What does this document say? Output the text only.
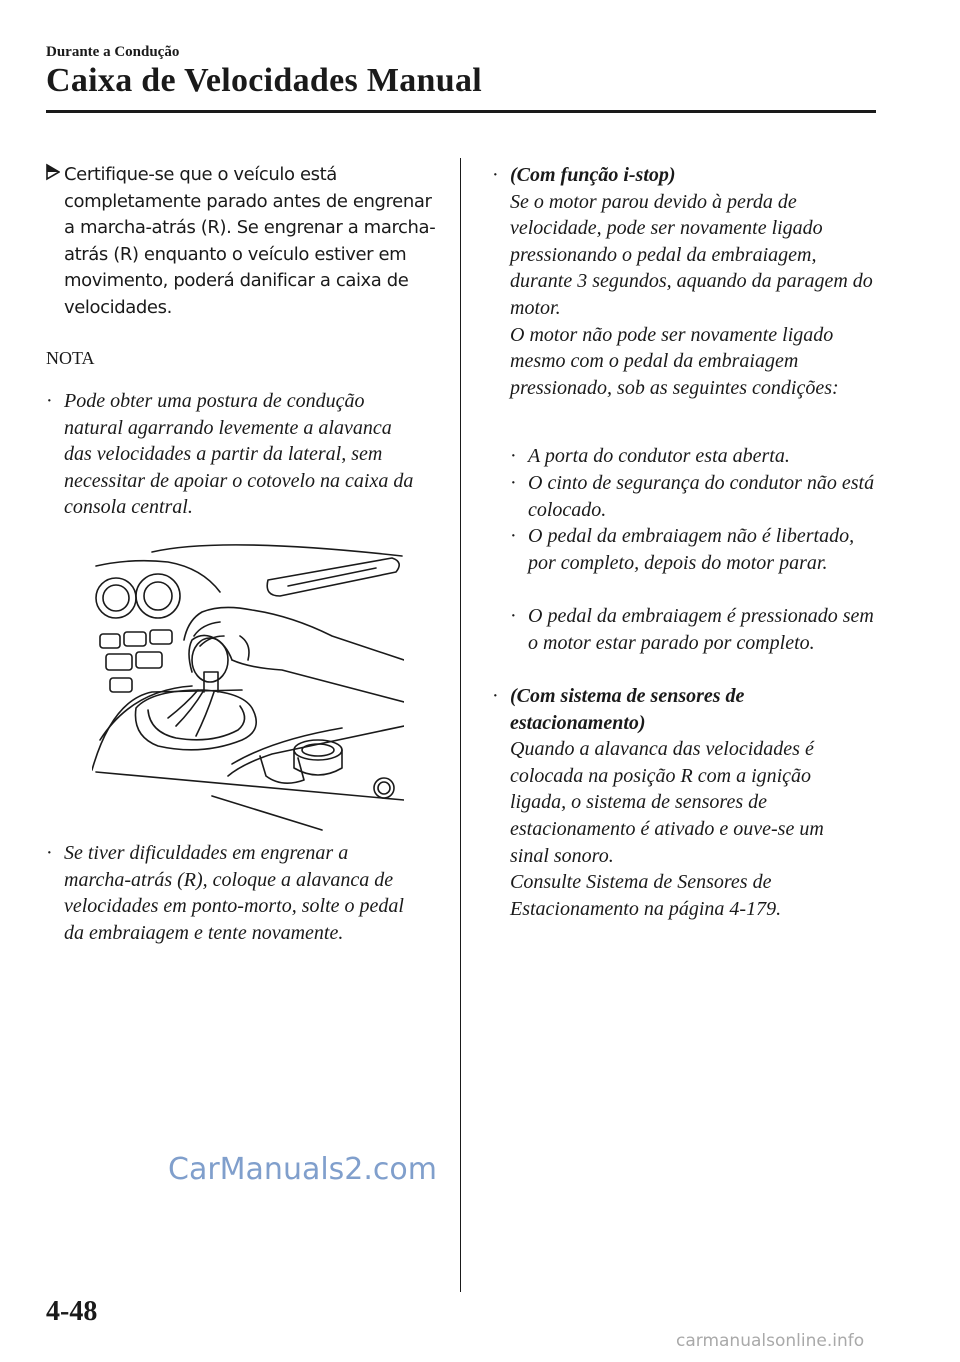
Durante a Condução
Caixa de Velocidades Manual
Certifique-se que o veículo está completamente parado antes de engrenar a marcha-atrás (R). Se engrenar a marcha-atrás (R) enquanto o veículo estiver em movimento, poderá danificar a caixa de velocidades.
NOTA
· Pode obter uma postura de condução natural agarrando levemente a alavanca das velocidades a partir da lateral, sem necessitar de apoiar o cotovelo na caixa da consola central.
· Se tiver dificuldades em engrenar a marcha-atrás (R), coloque a alavanca de velocidades em ponto-morto, solte o pedal da embraiagem e tente novamente.
· (Com função i-stop)
Se o motor parou devido à perda de velocidade, pode ser novamente ligado pressionando o pedal da embraiagem, durante 3 segundos, aquando da paragem do motor.
O motor não pode ser novamente ligado mesmo com o pedal da embraiagem pressionado, sob as seguintes condições:
· A porta do condutor esta aberta.
· O cinto de segurança do condutor não está colocado.
· O pedal da embraiagem não é libertado, por completo, depois do motor parar.
· O pedal da embraiagem é pressionado sem o motor estar parado por completo.
· (Com sistema de sensores de estacionamento)
Quando a alavanca das velocidades é colocada na posição R com a ignição ligada, o sistema de sensores de estacionamento é ativado e ouve-se um sinal sonoro.
Consulte Sistema de Sensores de Estacionamento na página 4-179.
CarManuals2.com
4-48
carmanualsonline.info
